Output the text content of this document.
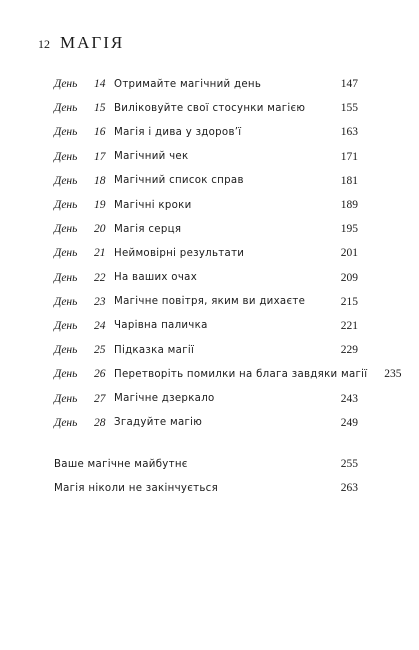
12 МАГІЯ
День	14 Отримайте магічний день	147
День	15 Виліковуйте свої стосунки магією	155
День	16 Магія і дива у здоров’ї	163
День	17 Магічний чек	171
День	18 Магічний список справ	181
День	19 Магічні кроки	189
День	20 Магія серця	195
День	21 Неймовірні результати	201
День	22 На ваших очах	209
День	23 Магічне повітря, яким ви дихаєте	215
День	24 Чарівна паличка	221
День	25 Підказка магії	229
День	26 Перетворіть помилки на блага завдяки магії	235
День	27 Магічне дзеркало	243
День	28 Згадуйте магію	249
Ваше магічне майбутнє	255
Магія ніколи не закінчується	263
